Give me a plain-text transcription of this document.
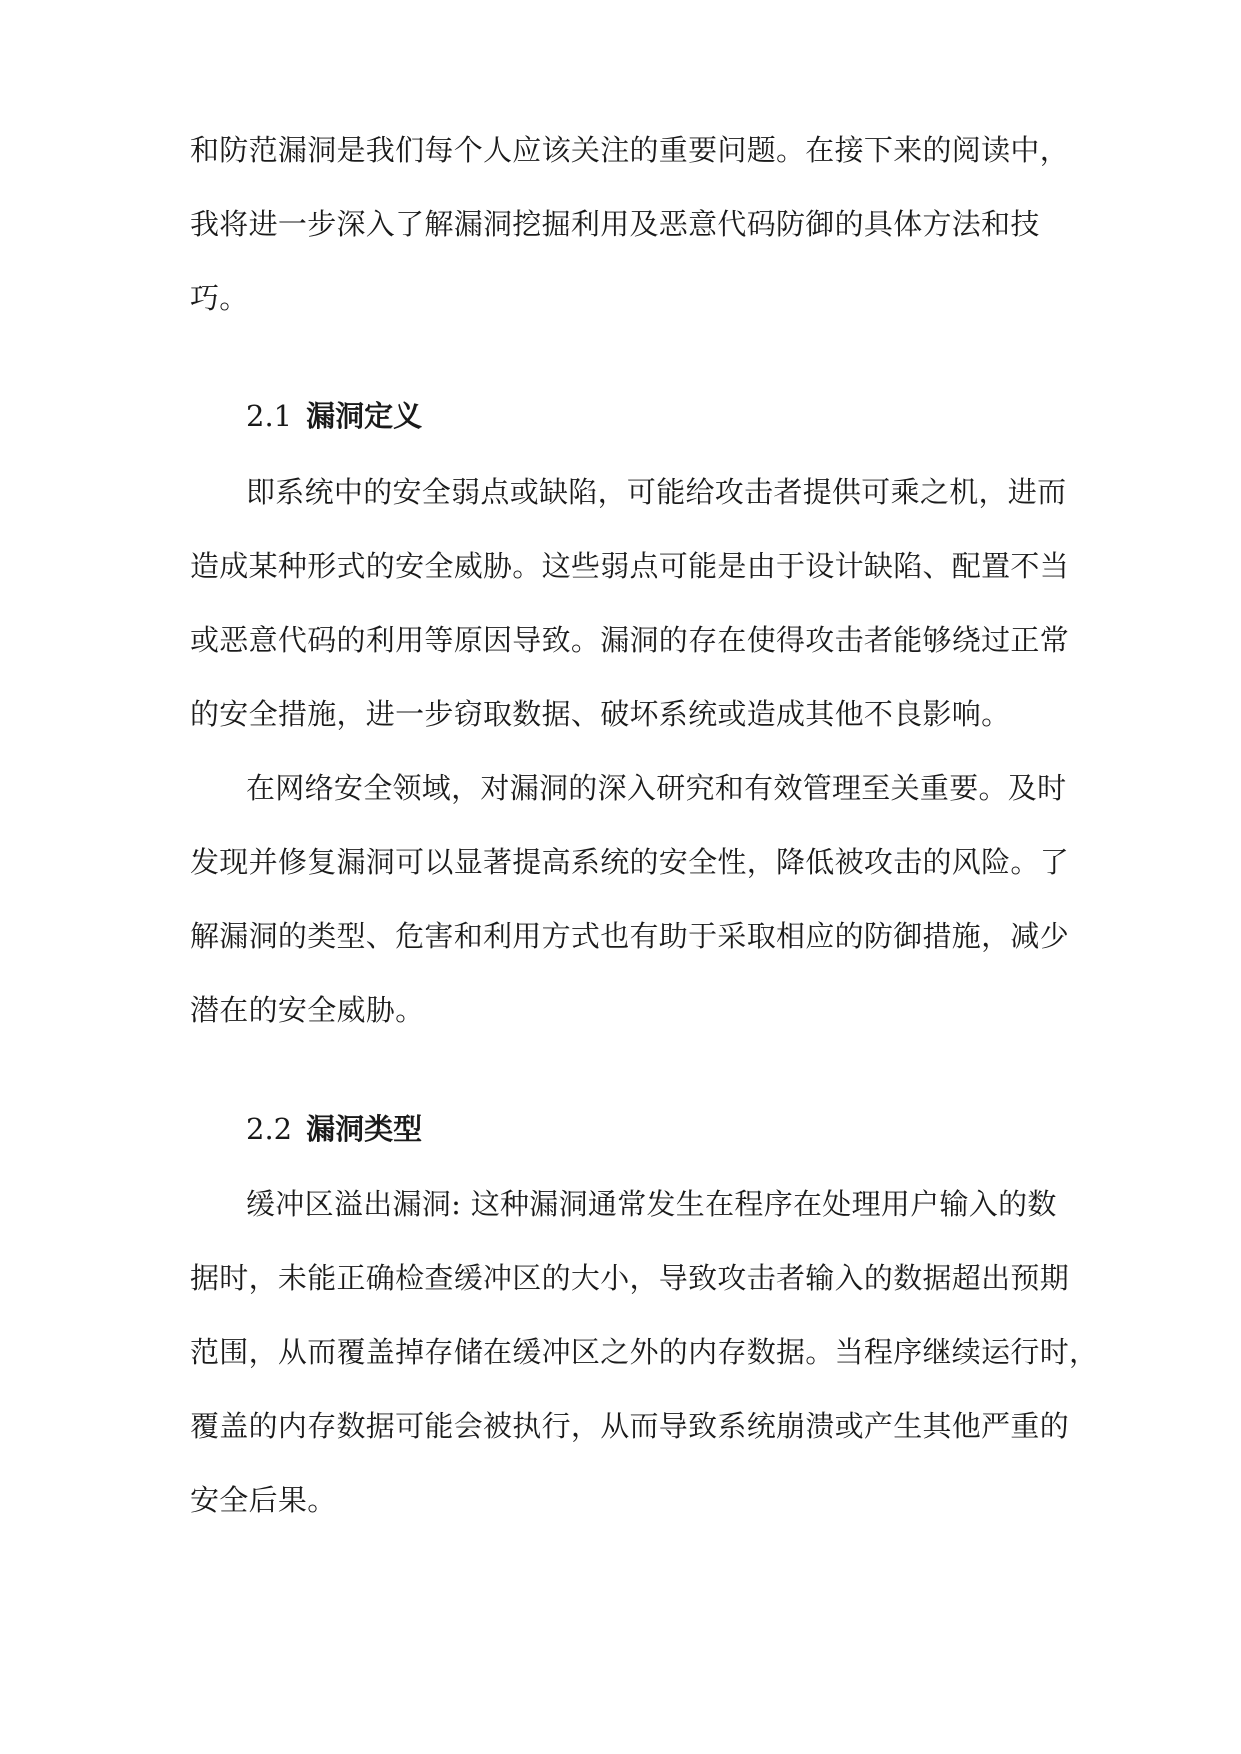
和防范漏洞是我们每个人应该关注的重要问题。在接下来的阅读中，
我将进一步深入了解漏洞挖掘利用及恶意代码防御的具体方法和技
巧。
2.1 漏洞定义
即系统中的安全弱点或缺陷，可能给攻击者提供可乘之机，进而
造成某种形式的安全威胁。这些弱点可能是由于设计缺陷、配置不当
或恶意代码的利用等原因导致。漏洞的存在使得攻击者能够绕过正常
的安全措施，进一步窃取数据、破坏系统或造成其他不良影响。
在网络安全领域，对漏洞的深入研究和有效管理至关重要。及时
发现并修复漏洞可以显著提高系统的安全性，降低被攻击的风险。了
解漏洞的类型、危害和利用方式也有助于采取相应的防御措施，减少
潜在的安全威胁。
2.2 漏洞类型
缓冲区溢出漏洞: 这种漏洞通常发生在程序在处理用户输入的数
据时，未能正确检查缓冲区的大小，导致攻击者输入的数据超出预期
范围，从而覆盖掉存储在缓冲区之外的内存数据。当程序继续运行时，
覆盖的内存数据可能会被执行，从而导致系统崩溃或产生其他严重的
安全后果。
